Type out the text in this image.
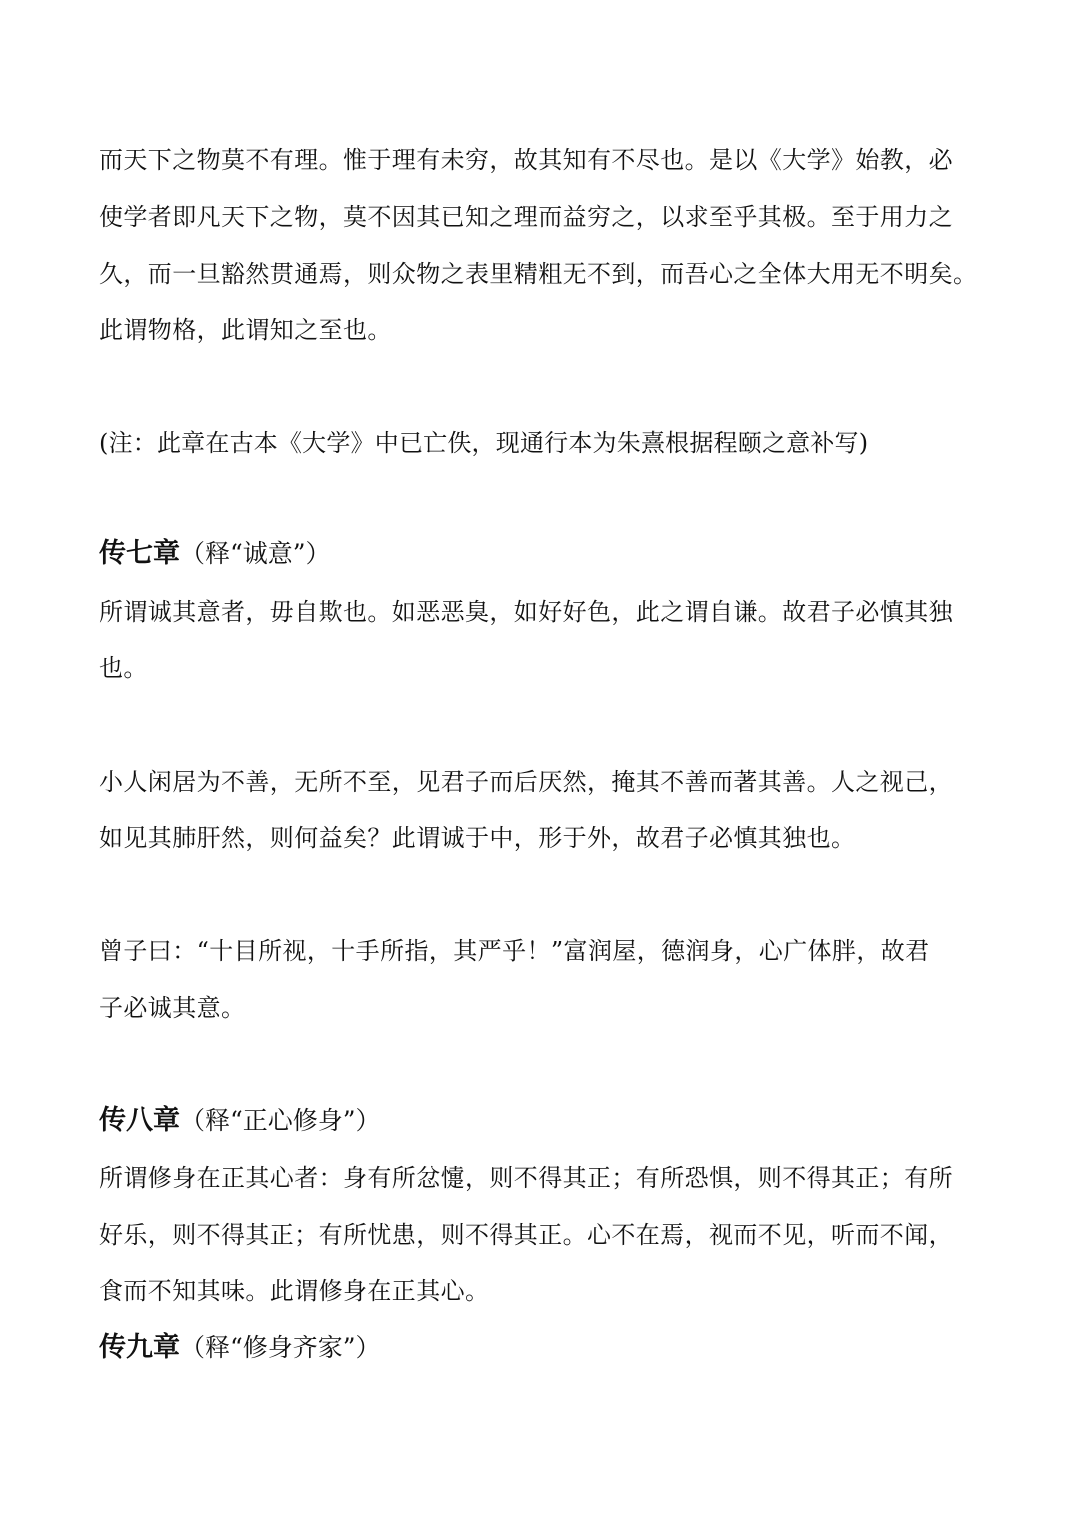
而天下之物莫不有理。惟于理有未穷，故其知有不尽也。是以《大学》始教，必
使学者即凡天下之物，莫不因其已知之理而益穷之，以求至乎其极。至于用力之
久，而一旦豁然贯通焉，则众物之表里精粗无不到，而吾心之全体大用无不明矣。
此谓物格，此谓知之至也。
(注：此章在古本《大学》中已亡佚，现通行本为朱熹根据程颐之意补写)
传七章（释“诚意”）
所谓诚其意者，毋自欺也。如恶恶臭，如好好色，此之谓自谦。故君子必慎其独
也。
小人闲居为不善，无所不至，见君子而后厌然，掩其不善而著其善。人之视己，
如见其肺肝然，则何益矣？此谓诚于中，形于外，故君子必慎其独也。
曾子曰：“十目所视，十手所指，其严乎！”富润屋，德润身，心广体胖，故君
子必诚其意。
传八章（释“正心修身”）
所谓修身在正其心者：身有所忿懥，则不得其正；有所恐惧，则不得其正；有所
好乐，则不得其正；有所忧患，则不得其正。心不在焉，视而不见，听而不闻，
食而不知其味。此谓修身在正其心。
传九章（释“修身齐家”）
